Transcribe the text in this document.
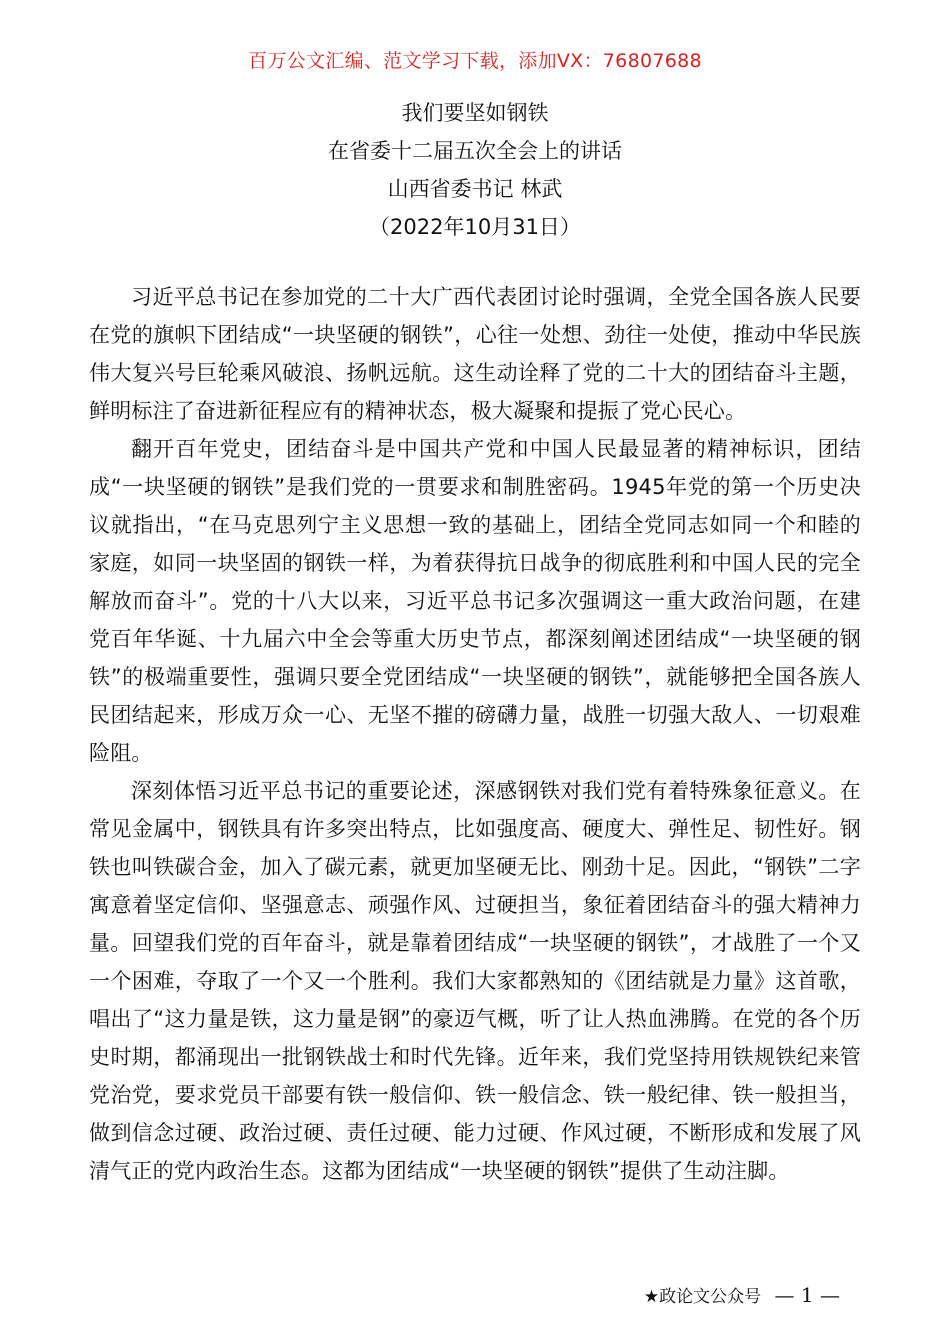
百万公文汇编、范文学习下载，添加VX：76807688
我们要坚如钢铁
在省委十二届五次全会上的讲话
山西省委书记 林武
（2022年10月31日）

习近平总书记在参加党的二十大广西代表团讨论时强调，全党全国各族人民要在党的旗帜下团结成“一块坚硬的钢铁”，心往一处想、劲往一处使，推动中华民族伟大复兴号巨轮乘风破浪、扬帆远航。这生动诠释了党的二十大的团结奋斗主题，鲜明标注了奋进新征程应有的精神状态，极大凝聚和提振了党心民心。

翻开百年党史，团结奋斗是中国共产党和中国人民最显著的精神标识，团结成“一块坚硬的钢铁”是我们党的一贯要求和制胜密码。1945年党的第一个历史决议就指出，“在马克思列宁主义思想一致的基础上，团结全党同志如同一个和睦的家庭，如同一块坚固的钢铁一样，为着获得抗日战争的彻底胜利和中国人民的完全解放而奋斗”。党的十八大以来，习近平总书记多次强调这一重大政治问题，在建党百年华诞、十九届六中全会等重大历史节点，都深刻阐述团结成“一块坚硬的钢铁”的极端重要性，强调只要全党团结成“一块坚硬的钢铁”，就能够把全国各族人民团结起来，形成万众一心、无坚不摧的磅礴力量，战胜一切强大敌人、一切艰难险阻。

深刻体悟习近平总书记的重要论述，深感钢铁对我们党有着特殊象征意义。在常见金属中，钢铁具有许多突出特点，比如强度高、硬度大、弹性足、韧性好。钢铁也叫铁碳合金，加入了碳元素，就更加坚硬无比、刚劲十足。因此，“钢铁”二字寓意着坚定信仰、坚强意志、顽强作风、过硬担当，象征着团结奋斗的强大精神力量。回望我们党的百年奋斗，就是靠着团结成“一块坚硬的钢铁”，才战胜了一个又一个困难，夺取了一个又一个胜利。我们大家都熟知的《团结就是力量》这首歌，唱出了“这力量是铁，这力量是钢”的豪迈气概，听了让人热血沸腾。在党的各个历史时期，都涌现出一批钢铁战士和时代先锋。近年来，我们党坚持用铁规铁纪来管党治党，要求党员干部要有铁一般信仰、铁一般信念、铁一般纪律、铁一般担当，做到信念过硬、政治过硬、责任过硬、能力过硬、作风过硬，不断形成和发展了风清气正的党内政治生态。这都为团结成“一块坚硬的钢铁”提供了生动注脚。

★政论文公众号 — 1 —
